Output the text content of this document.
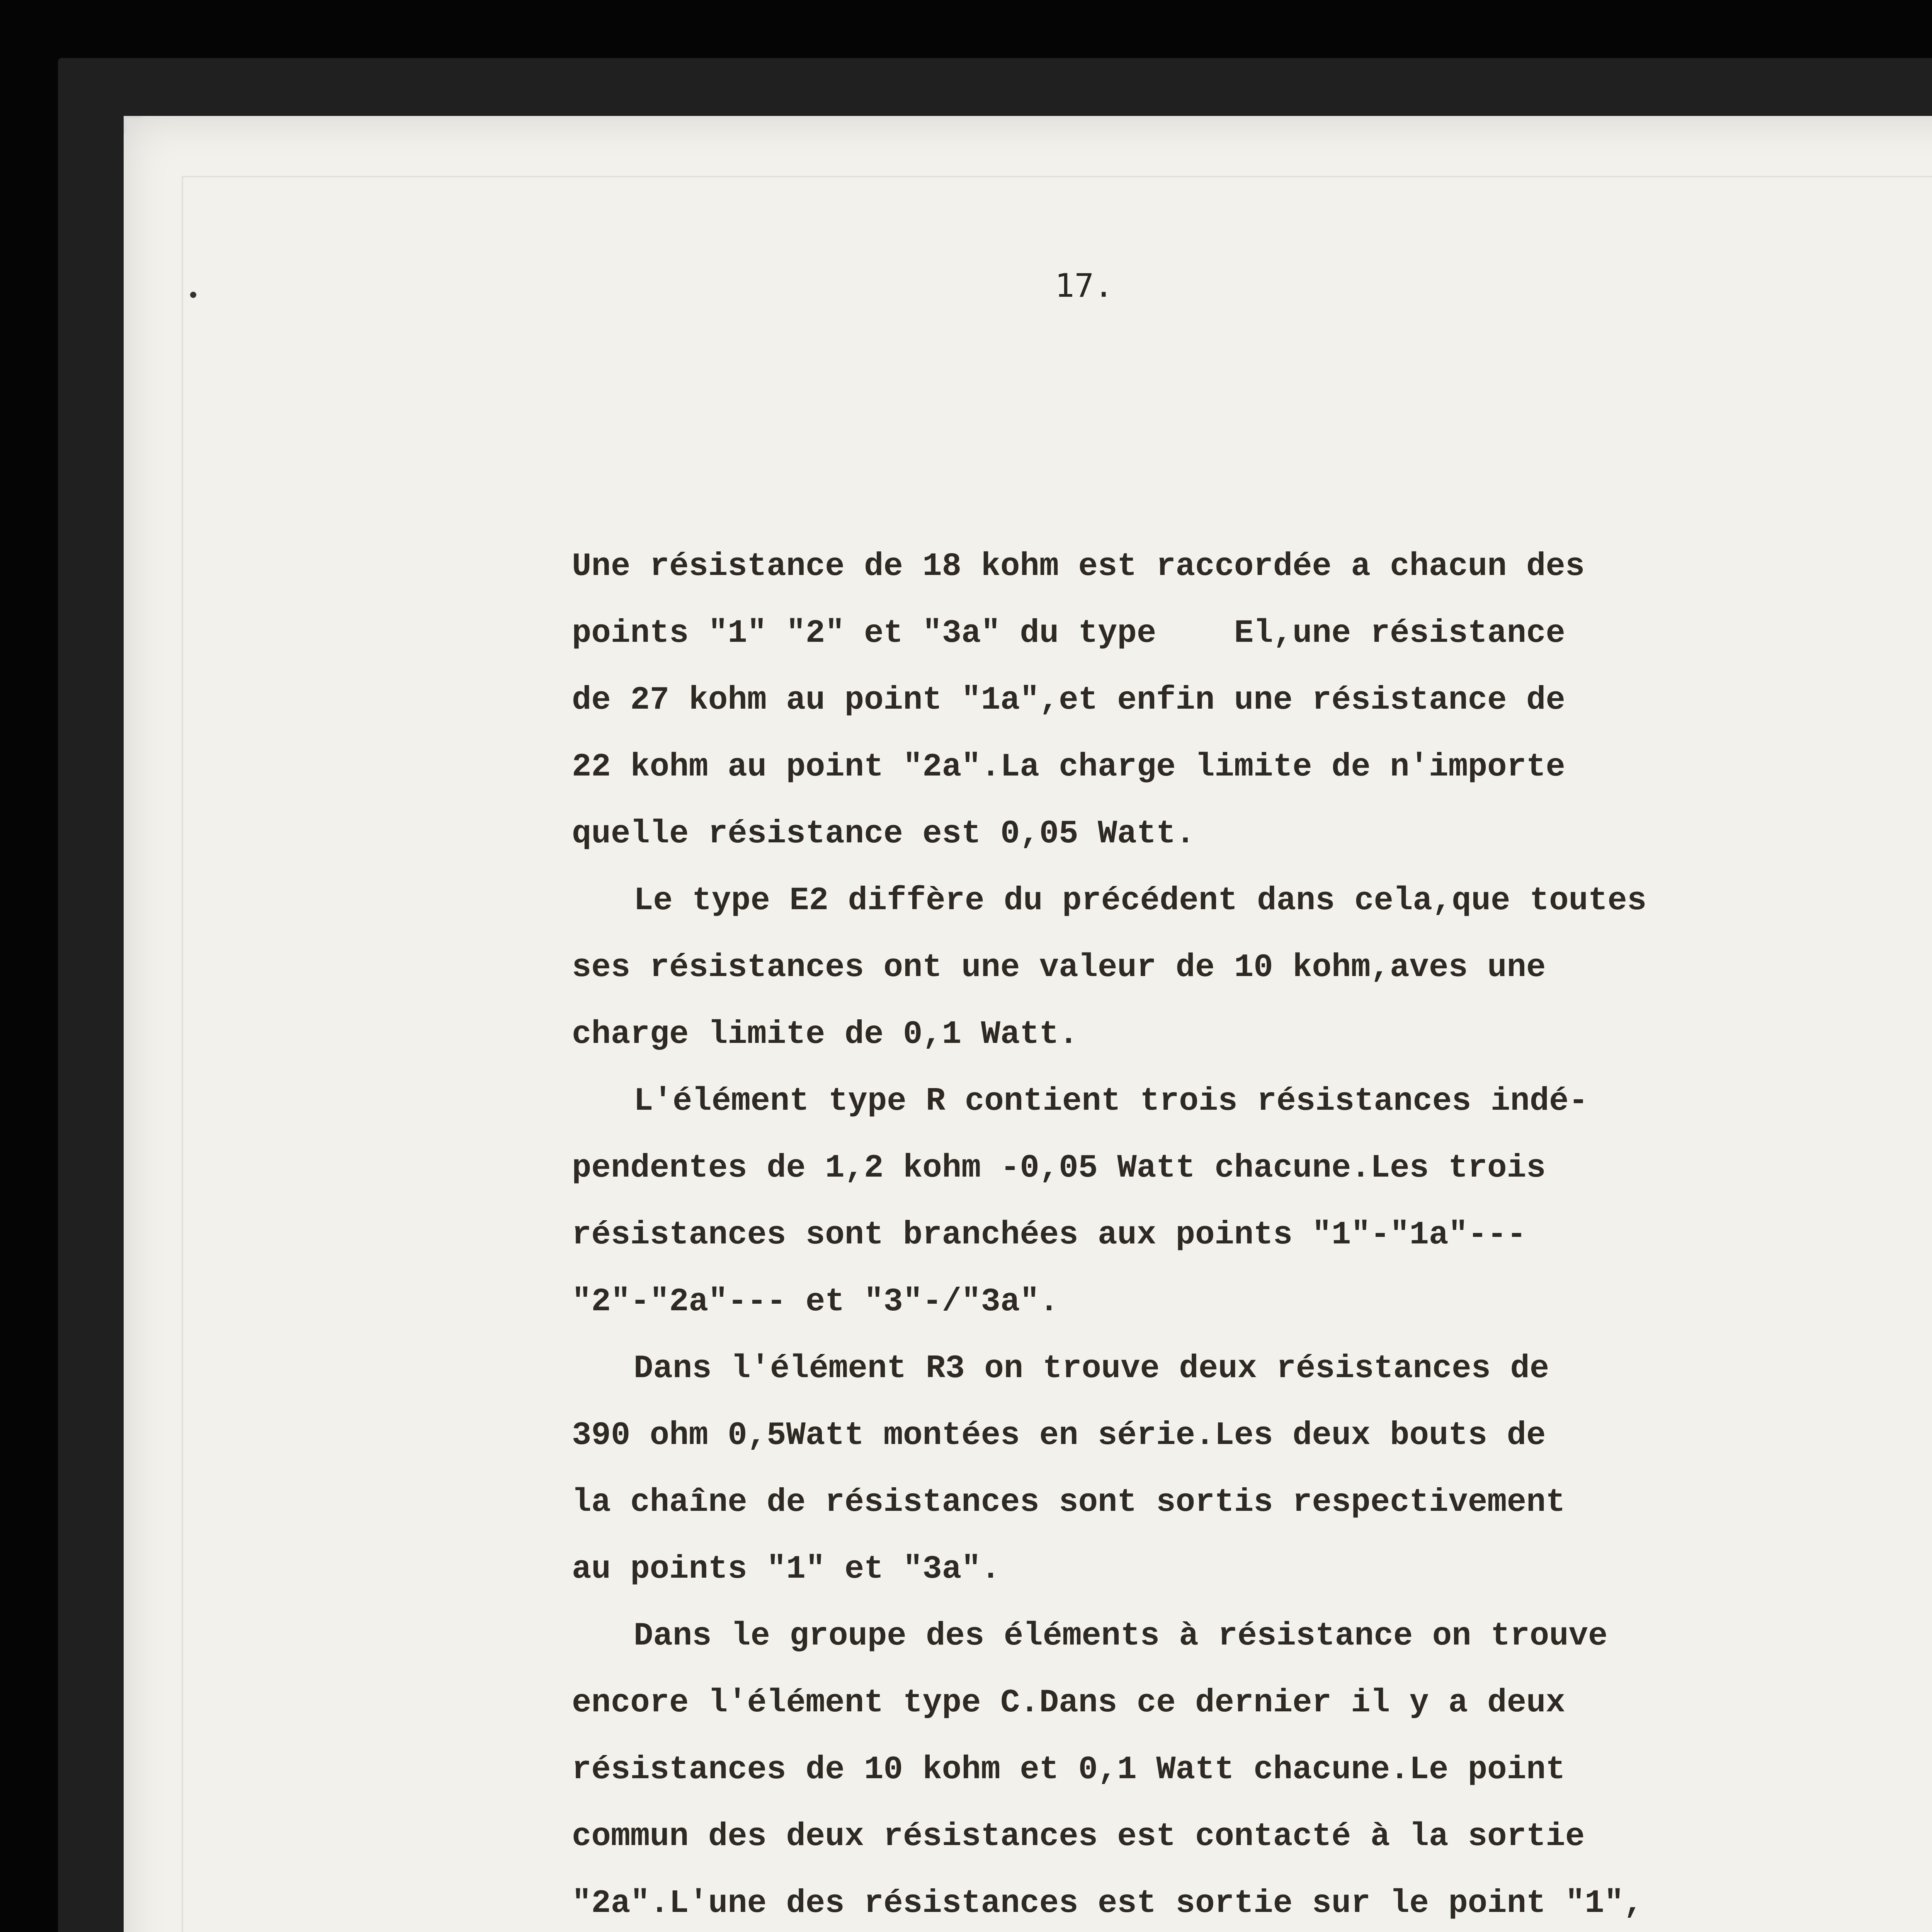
17.
Une résistance de 18 kohm est raccordée a chacun des
points "1" "2" et "3a" du type    El,une résistance
de 27 kohm au point "1a",et enfin une résistance de
22 kohm au point "2a".La charge limite de n'importe
quelle résistance est 0,05 Watt.
Le type E2 diffère du précédent dans cela,que toutes
ses résistances ont une valeur de 10 kohm,aves une
charge limite de 0,1 Watt.
L'élément type R contient trois résistances indé-
pendentes de 1,2 kohm -0,05 Watt chacune.Les trois
résistances sont branchées aux points "1"-"1a"---
"2"-"2a"--- et "3"-/"3a".
Dans l'élément R3 on trouve deux résistances de
390 ohm 0,5Watt montées en série.Les deux bouts de
la chaîne de résistances sont sortis respectivement
au points "1" et "3a".
Dans le groupe des éléments à résistance on trouve
encore l'élément type C.Dans ce dernier il y a deux
résistances de 10 kohm et 0,1 Watt chacune.Le point
commun des deux résistances est contacté à la sortie
"2a".L'une des résistances est sortie sur le point "1",
